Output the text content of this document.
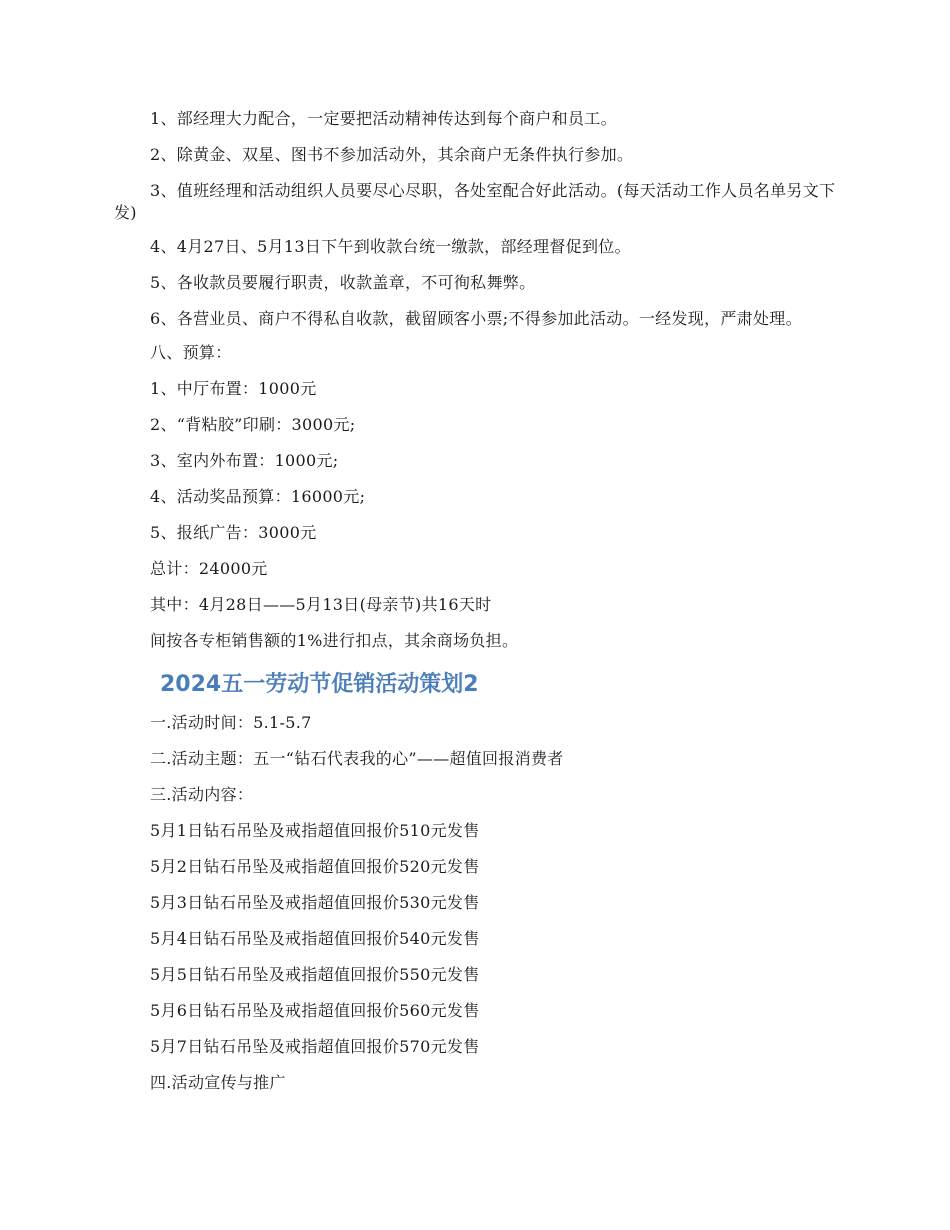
1、部经理大力配合，一定要把活动精神传达到每个商户和员工。

2、除黄金、双星、图书不参加活动外，其余商户无条件执行参加。

3、值班经理和活动组织人员要尽心尽职，各处室配合好此活动。(每天活动工作人员名单另文下发)

4、4月27日、5月13日下午到收款台统一缴款，部经理督促到位。

5、各收款员要履行职责，收款盖章，不可徇私舞弊。

6、各营业员、商户不得私自收款，截留顾客小票;不得参加此活动。一经发现，严肃处理。

八、预算：

1、中厅布置：1000元

2、“背粘胶”印刷：3000元;

3、室内外布置：1000元;

4、活动奖品预算：16000元;

5、报纸广告：3000元

总计：24000元

其中：4月28日——5月13日(母亲节)共16天时

间按各专柜销售额的1%进行扣点，其余商场负担。

2024五一劳动节促销活动策划2

一.活动时间：5.1-5.7

二.活动主题：五一“钻石代表我的心”——超值回报消费者

三.活动内容：

5月1日钻石吊坠及戒指超值回报价510元发售

5月2日钻石吊坠及戒指超值回报价520元发售

5月3日钻石吊坠及戒指超值回报价530元发售

5月4日钻石吊坠及戒指超值回报价540元发售

5月5日钻石吊坠及戒指超值回报价550元发售

5月6日钻石吊坠及戒指超值回报价560元发售

5月7日钻石吊坠及戒指超值回报价570元发售

四.活动宣传与推广
